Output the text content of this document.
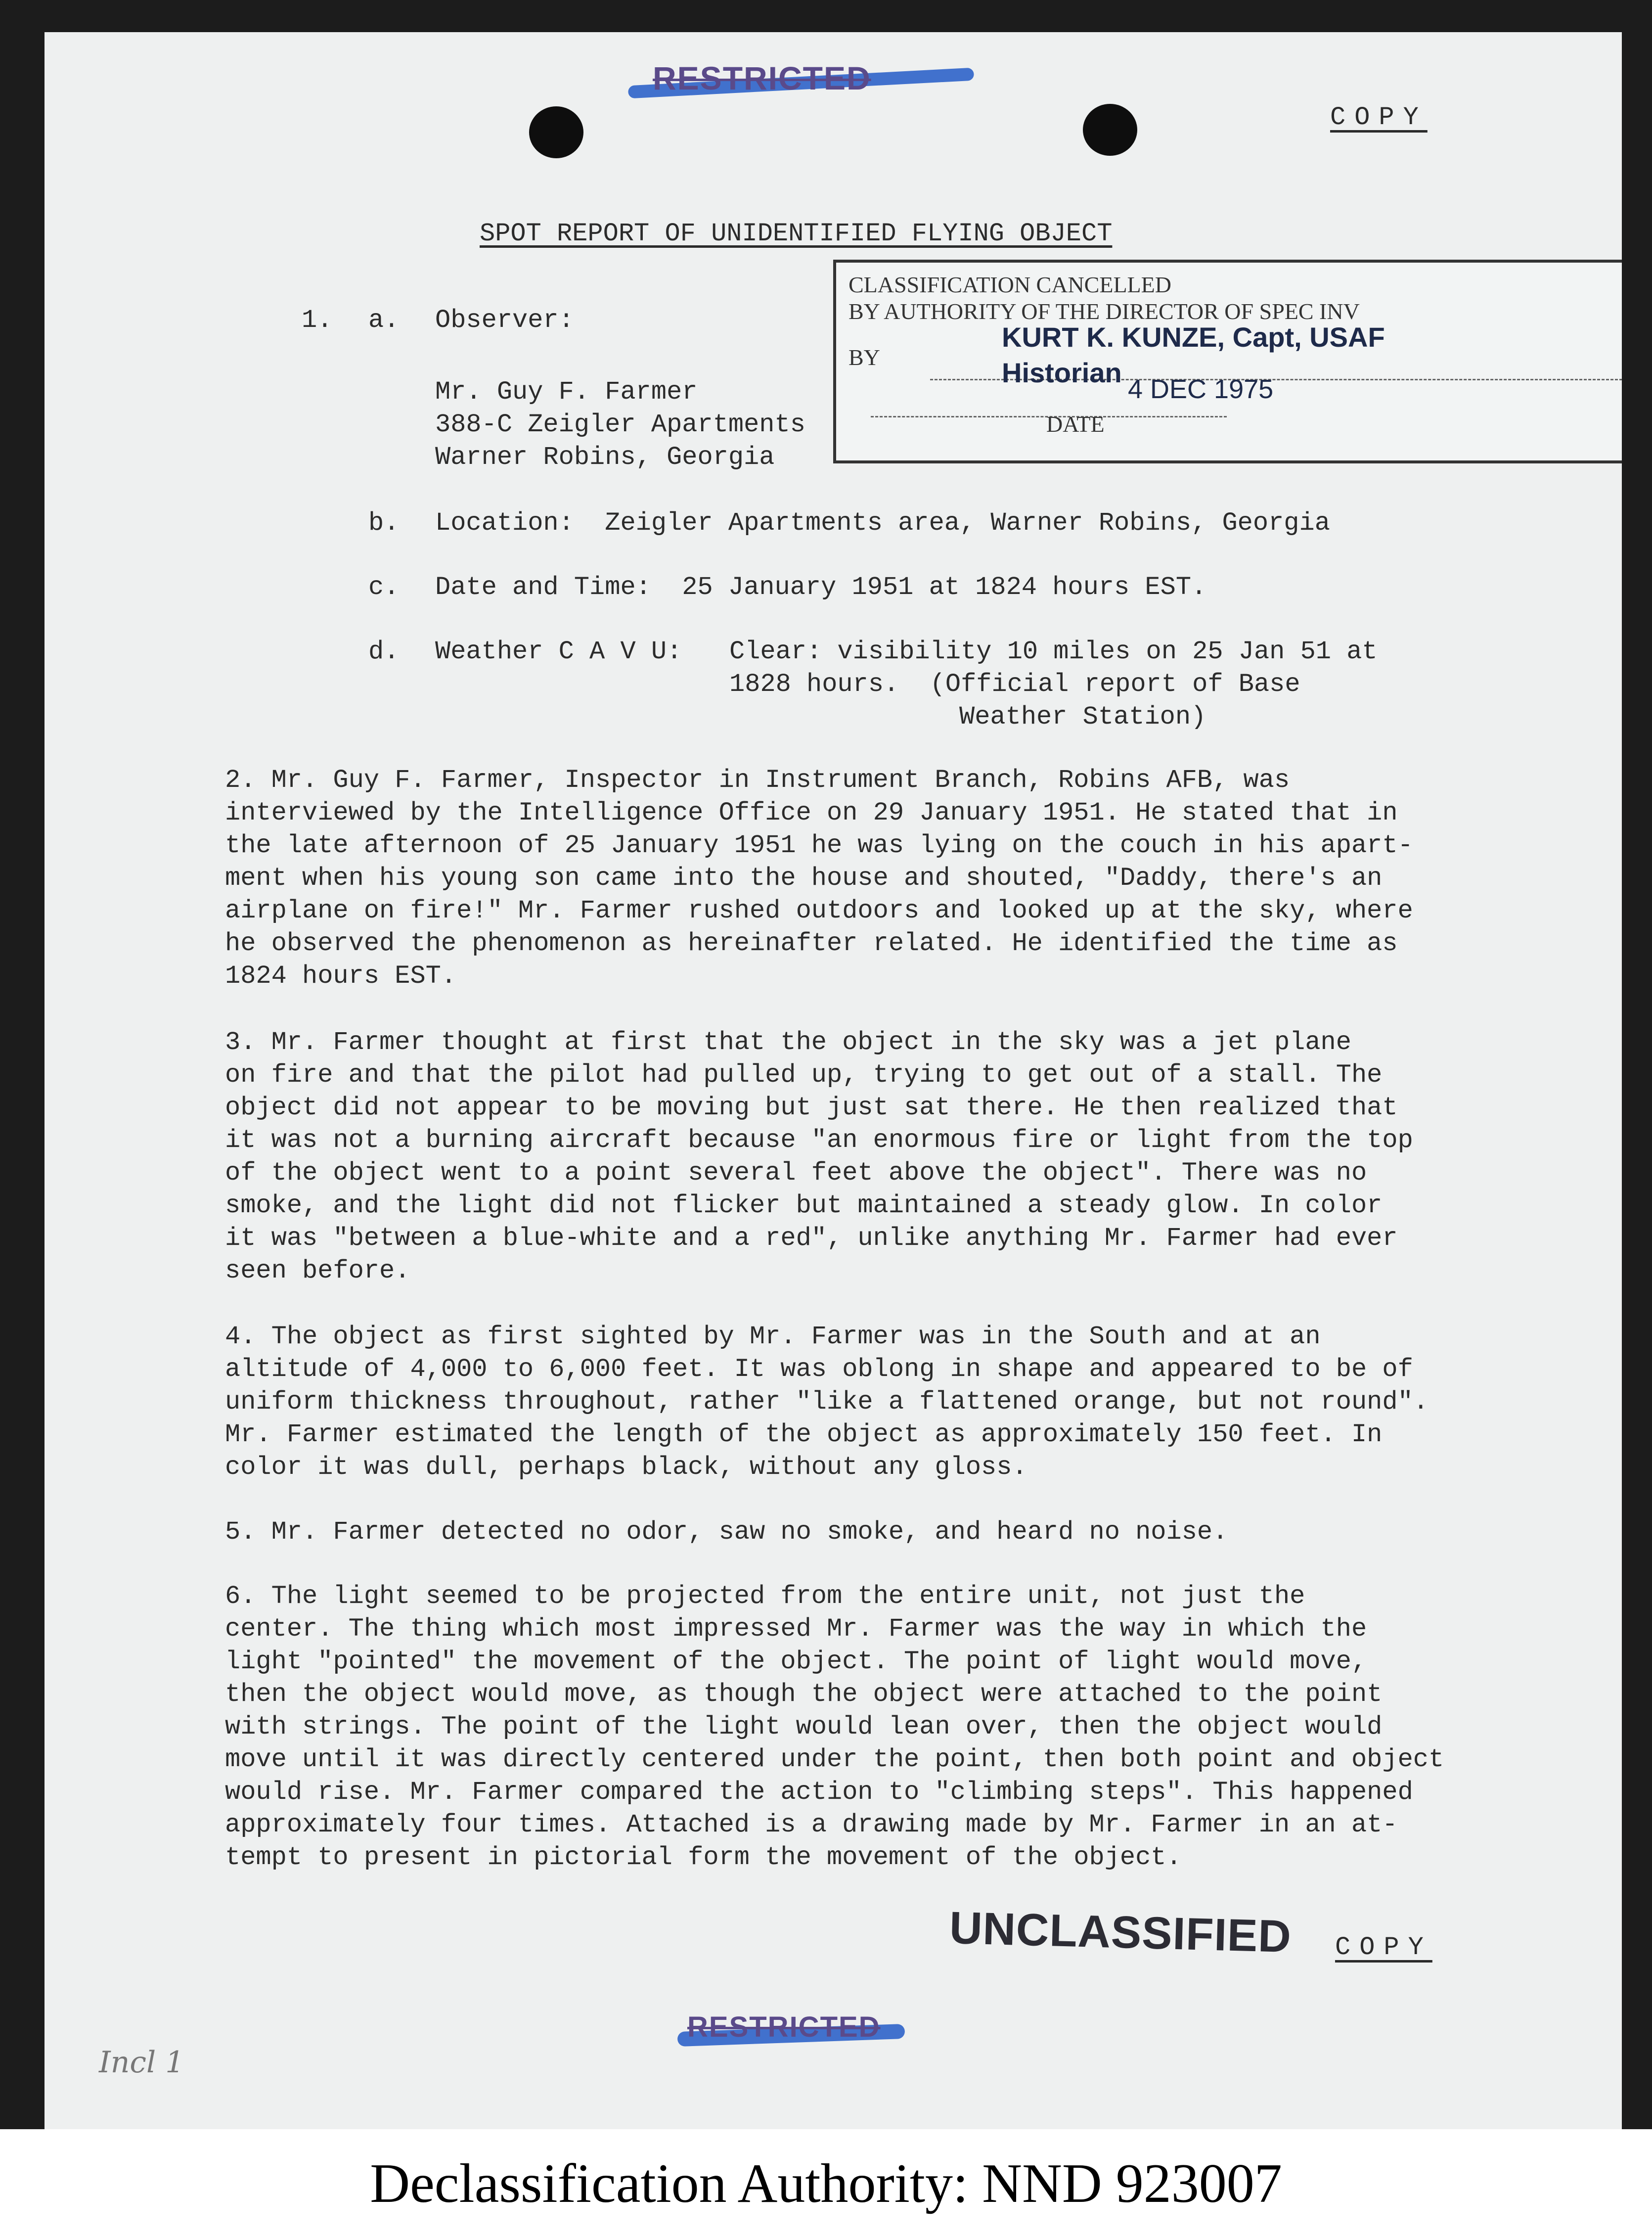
RESTRICTED
COPY
SPOT REPORT OF UNIDENTIFIED FLYING OBJECT
CLASSIFICATION CANCELLED
BY AUTHORITY OF THE DIRECTOR OF SPEC INV
BY
KURT K. KUNZE, Capt, USAF
Historian
4 DEC 1975
DATE
1. a. Observer:
Mr. Guy F. Farmer
388-C Zeigler Apartments
Warner Robins, Georgia
b. Location:  Zeigler Apartments area, Warner Robins, Georgia
c. Date and Time:  25 January 1951 at 1824 hours EST.
d. Weather C A V U: Clear: visibility 10 miles on 25 Jan 51 at
1828 hours.  (Official report of Base
Weather Station)

2. Mr. Guy F. Farmer, Inspector in Instrument Branch, Robins AFB, was
interviewed by the Intelligence Office on 29 January 1951. He stated that in
the late afternoon of 25 January 1951 he was lying on the couch in his apart-
ment when his young son came into the house and shouted, "Daddy, there's an
airplane on fire!" Mr. Farmer rushed outdoors and looked up at the sky, where
he observed the phenomenon as hereinafter related. He identified the time as
1824 hours EST.

3. Mr. Farmer thought at first that the object in the sky was a jet plane
on fire and that the pilot had pulled up, trying to get out of a stall. The
object did not appear to be moving but just sat there. He then realized that
it was not a burning aircraft because "an enormous fire or light from the top
of the object went to a point several feet above the object". There was no
smoke, and the light did not flicker but maintained a steady glow. In color
it was "between a blue-white and a red", unlike anything Mr. Farmer had ever
seen before.

4. The object as first sighted by Mr. Farmer was in the South and at an
altitude of 4,000 to 6,000 feet. It was oblong in shape and appeared to be of
uniform thickness throughout, rather "like a flattened orange, but not round".
Mr. Farmer estimated the length of the object as approximately 150 feet. In
color it was dull, perhaps black, without any gloss.

5. Mr. Farmer detected no odor, saw no smoke, and heard no noise.

6. The light seemed to be projected from the entire unit, not just the
center. The thing which most impressed Mr. Farmer was the way in which the
light "pointed" the movement of the object. The point of light would move,
then the object would move, as though the object were attached to the point
with strings. The point of the light would lean over, then the object would
move until it was directly centered under the point, then both point and object
would rise. Mr. Farmer compared the action to "climbing steps". This happened
approximately four times. Attached is a drawing made by Mr. Farmer in an at-
tempt to present in pictorial form the movement of the object.

UNCLASSIFIED COPY
RESTRICTED
Incl 1
Declassification Authority: NND 923007
